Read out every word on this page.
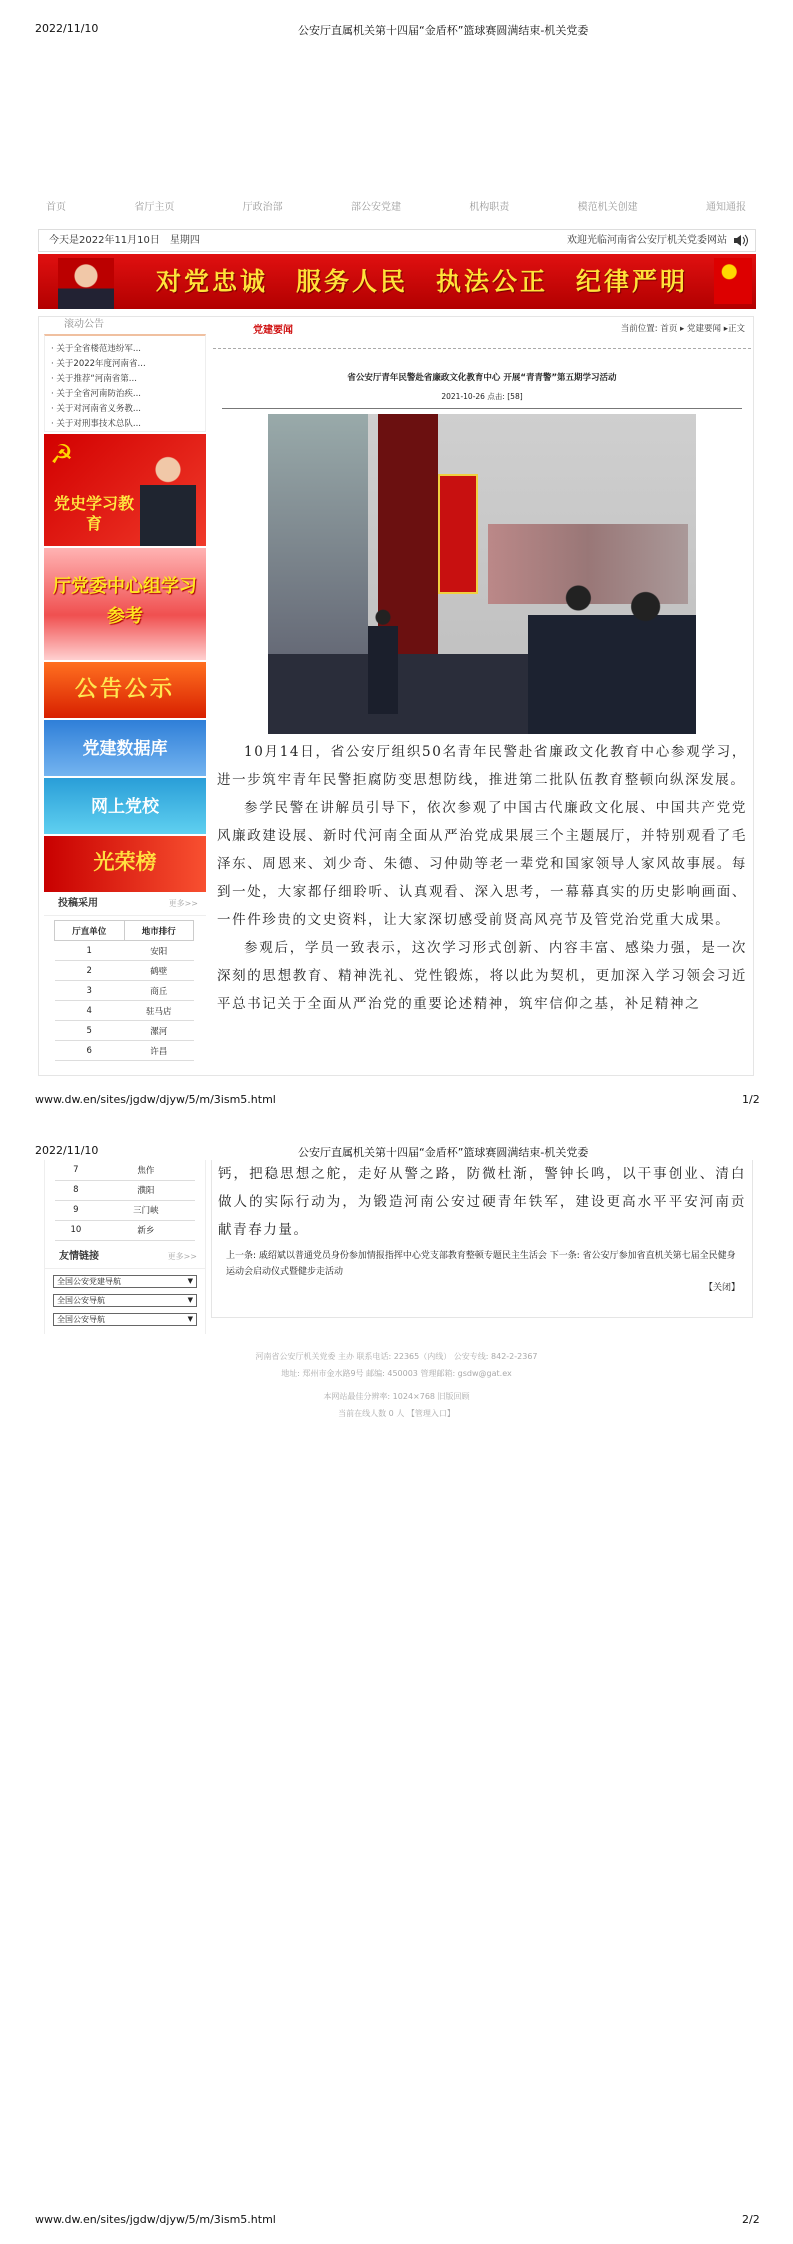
2022/11/10	公安厅直属机关第十四届“金盾杯”篮球赛圆满结束-机关党委
首页	省厅主页	厅政治部	部公安党建	机构职责	模范机关创建	通知通报
今天是2022年11月10日　星期四	欢迎光临河南省公安厅机关党委网站
对党忠诚　服务人民　执法公正　纪律严明
滚动公告
· 关于全省楼范违纷军...
· 关于2022年度河南省...
· 关于推荐“河南省第...
· 关于全省河南防治疾...
· 关于对河南省义务教...
· 关于对刑事技术总队...
☭
党史学习教育
厅党委中心组学习参考
公告公示
党建数据库
网上党校
光荣榜
投稿采用	更多>>
厅直单位	地市排行
1	安阳
2	鹤壁
3	商丘
4	驻马店
5	漯河
6	许昌
党建要闻	当前位置: 首页 ▸ 党建要闻 ▸正文
省公安厅青年民警赴省廉政文化教育中心 开展“青青警”第五期学习活动
2021-10-26 点击: [58]

10月14日，省公安厅组织50名青年民警赴省廉政文化教育中心参观学习，进一步筑牢青年民警拒腐防变思想防线，推进第二批队伍教育整顿向纵深发展。

参学民警在讲解员引导下，依次参观了中国古代廉政文化展、中国共产党党风廉政建设展、新时代河南全面从严治党成果展三个主题展厅，并特别观看了毛泽东、周恩来、刘少奇、朱德、习仲勋等老一辈党和国家领导人家风故事展。每到一处，大家都仔细聆听、认真观看、深入思考，一幕幕真实的历史影响画面、一件件珍贵的文史资料，让大家深切感受前贤高风亮节及管党治党重大成果。

参观后，学员一致表示，这次学习形式创新、内容丰富、感染力强，是一次深刻的思想教育、精神洗礼、党性锻炼，将以此为契机，更加深入学习领会习近平总书记关于全面从严治党的重要论述精神，筑牢信仰之基，补足精神之

www.dw.en/sites/jgdw/djyw/5/m/3ism5.html	1/2
2022/11/10	公安厅直属机关第十四届“金盾杯”篮球赛圆满结束-机关党委
7	焦作
8	濮阳
9	三门峡
10	新乡
友情链接	更多>>
全国公安党建导航 ▼
全国公安导航 ▼
全国公安导航 ▼

钙，把稳思想之舵，走好从警之路，防微杜渐，警钟长鸣，以干事创业、清白做人的实际行动为，为锻造河南公安过硬青年铁军，建设更高水平平安河南贡献青春力量。

上一条: 戚绍斌以普通党员身份参加情报指挥中心党支部教育整顿专题民主生活会 下一条: 省公安厅参加省直机关第七届全民健身运动会启动仪式暨健步走活动
【关闭】
河南省公安厅机关党委 主办 联系电话: 22365（内线） 公安专线: 842-2-2367
地址: 郑州市金水路9号 邮编: 450003 管理邮箱: gsdw@gat.ex
本网站最佳分辨率: 1024×768 旧版回顾
当前在线人数 0 人 【管理入口】
www.dw.en/sites/jgdw/djyw/5/m/3ism5.html	2/2
